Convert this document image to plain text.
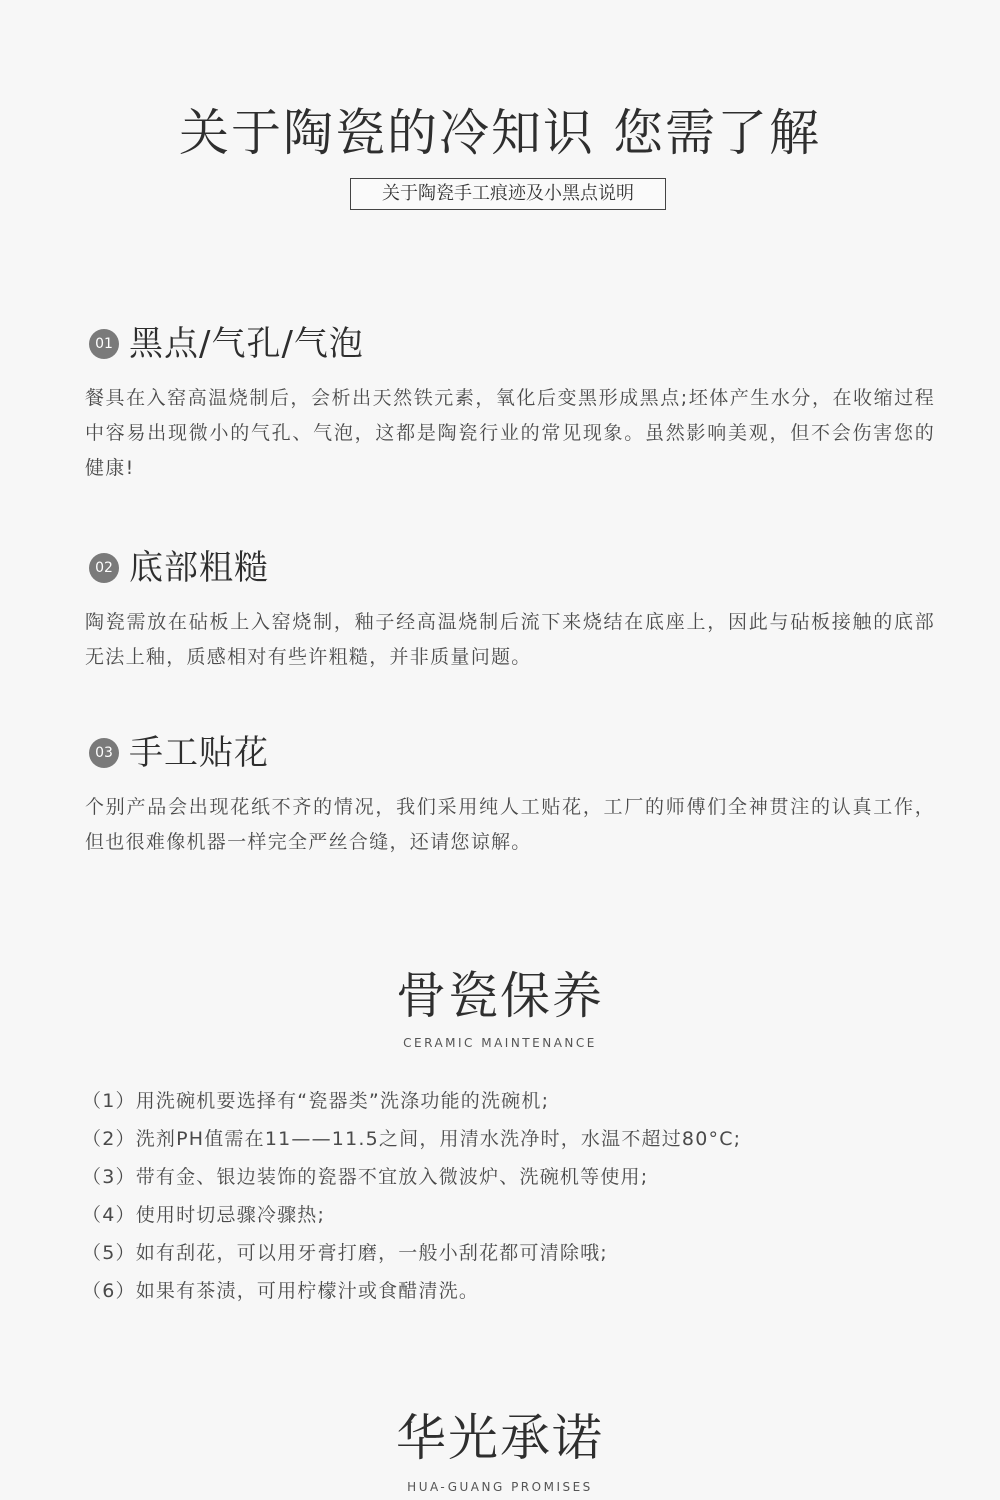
关于陶瓷的冷知识 您需了解
关于陶瓷手工痕迹及小黑点说明
01 黑点/气孔/气泡
餐具在入窑高温烧制后，会析出天然铁元素，氧化后变黑形成黑点;坯体产生水分，在收缩过程中容易出现微小的气孔、气泡，这都是陶瓷行业的常见现象。虽然影响美观，但不会伤害您的健康!
02 底部粗糙
陶瓷需放在砧板上入窑烧制，釉子经高温烧制后流下来烧结在底座上，因此与砧板接触的底部无法上釉，质感相对有些许粗糙，并非质量问题。
03 手工贴花
个别产品会出现花纸不齐的情况，我们采用纯人工贴花，工厂的师傅们全神贯注的认真工作，但也很难像机器一样完全严丝合缝，还请您谅解。
骨瓷保养
CERAMIC MAINTENANCE
（1）用洗碗机要选择有“瓷器类”洗涤功能的洗碗机;
（2）洗剂PH值需在11——11.5之间，用清水洗净时，水温不超过80°C;
（3）带有金、银边装饰的瓷器不宜放入微波炉、洗碗机等使用;
（4）使用时切忌骤冷骤热;
（5）如有刮花，可以用牙膏打磨，一般小刮花都可清除哦;
（6）如果有茶渍，可用柠檬汁或食醋清洗。
华光承诺
HUA-GUANG PROMISES
